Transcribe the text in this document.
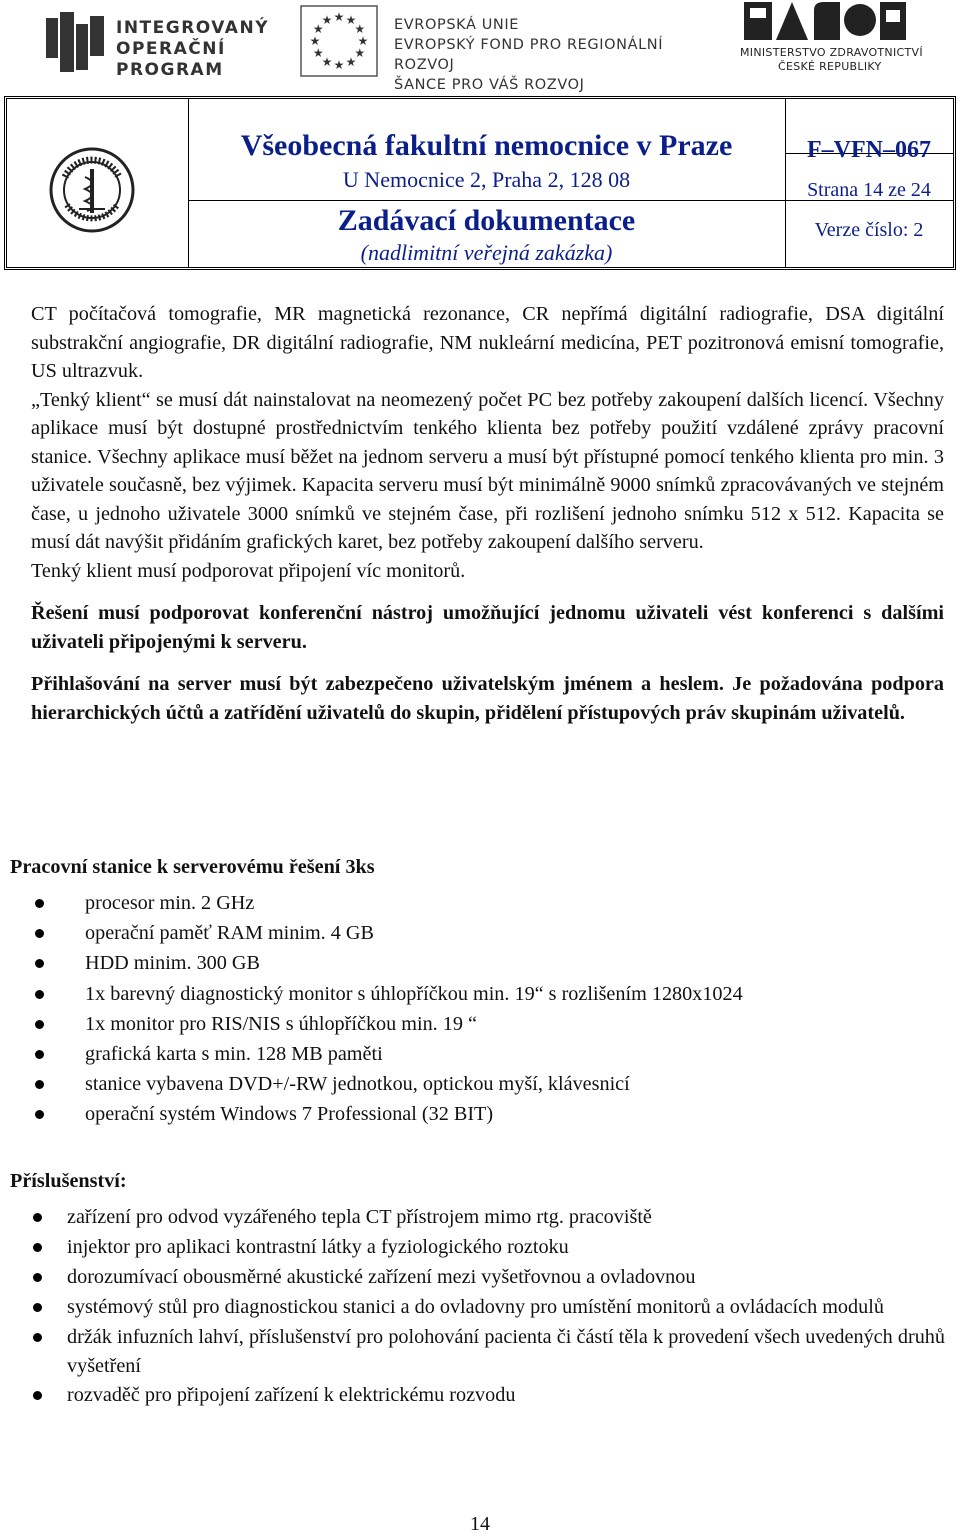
INTEGROVANÝ
OPERAČNÍ
PROGRAM
★
★
★
★
★
★
★
★
★ ★ ★
★ EVROPSKÁ UNIE
EVROPSKÝ FOND PRO REGIONÁLNÍ ROZVOJ
ŠANCE PRO VÁŠ ROZVOJ
MINISTERSTVO ZDRAVOTNICTVÍ
ČESKÉ REPUBLIKY
Všeobecná fakultní nemocnice v Praze
U Nemocnice 2, Praha 2, 128 08
Zadávací dokumentace
(nadlimitní veřejná zakázka)
F–VFN–067
Strana 14 ze 24
Verze číslo: 2

CT počítačová tomografie, MR magnetická rezonance, CR nepřímá digitální radiografie, DSA digitální substrakční angiografie, DR digitální radiografie, NM nukleární medicína, PET pozitronová emisní tomografie, US ultrazvuk.

„Tenký klient“ se musí dát nainstalovat na neomezený počet PC bez potřeby zakoupení dalších licencí. Všechny aplikace musí být dostupné prostřednictvím tenkého klienta bez potřeby použití vzdálené zprávy pracovní stanice. Všechny aplikace musí běžet na jednom serveru a musí být přístupné pomocí tenkého klienta pro min. 3 uživatele současně, bez výjimek. Kapacita serveru musí být minimálně 9000 snímků zpracovávaných ve stejném čase, u jednoho uživatele 3000 snímků ve stejném čase, při rozlišení jednoho snímku 512 x 512. Kapacita se musí dát navýšit přidáním grafických karet, bez potřeby zakoupení dalšího serveru.

Tenký klient musí podporovat připojení víc monitorů.

Řešení musí podporovat konferenční nástroj umožňující jednomu uživateli vést konferenci s dalšími uživateli připojenými k serveru.

Přihlašování na server musí být zabezpečeno uživatelským jménem a heslem. Je požadována podpora hierarchických účtů a zatřídění uživatelů do skupin, přidělení přístupových práv skupinám uživatelů.

Pracovní stanice k serverovému řešení 3ks
procesor min. 2 GHz
operační paměť RAM minim. 4 GB
HDD minim. 300 GB
1x barevný diagnostický monitor s úhlopříčkou min. 19“ s rozlišením 1280x1024
1x monitor pro RIS/NIS s úhlopříčkou min. 19 “
grafická karta s min. 128 MB paměti
stanice vybavena DVD+/-RW jednotkou, optickou myší, klávesnicí
operační systém Windows 7 Professional (32 BIT)
Příslušenství:
zařízení pro odvod vyzářeného tepla CT přístrojem mimo rtg. pracoviště
injektor pro aplikaci kontrastní látky a fyziologického roztoku
dorozumívací obousměrné akustické zařízení mezi vyšetřovnou a ovladovnou
systémový stůl pro diagnostickou stanici a do ovladovny pro umístění monitorů a ovládacích modulů
držák infuzních lahví, příslušenství pro polohování pacienta či částí těla k provedení všech uvedených druhů vyšetření
rozvaděč pro připojení zařízení k elektrickému rozvodu
14
